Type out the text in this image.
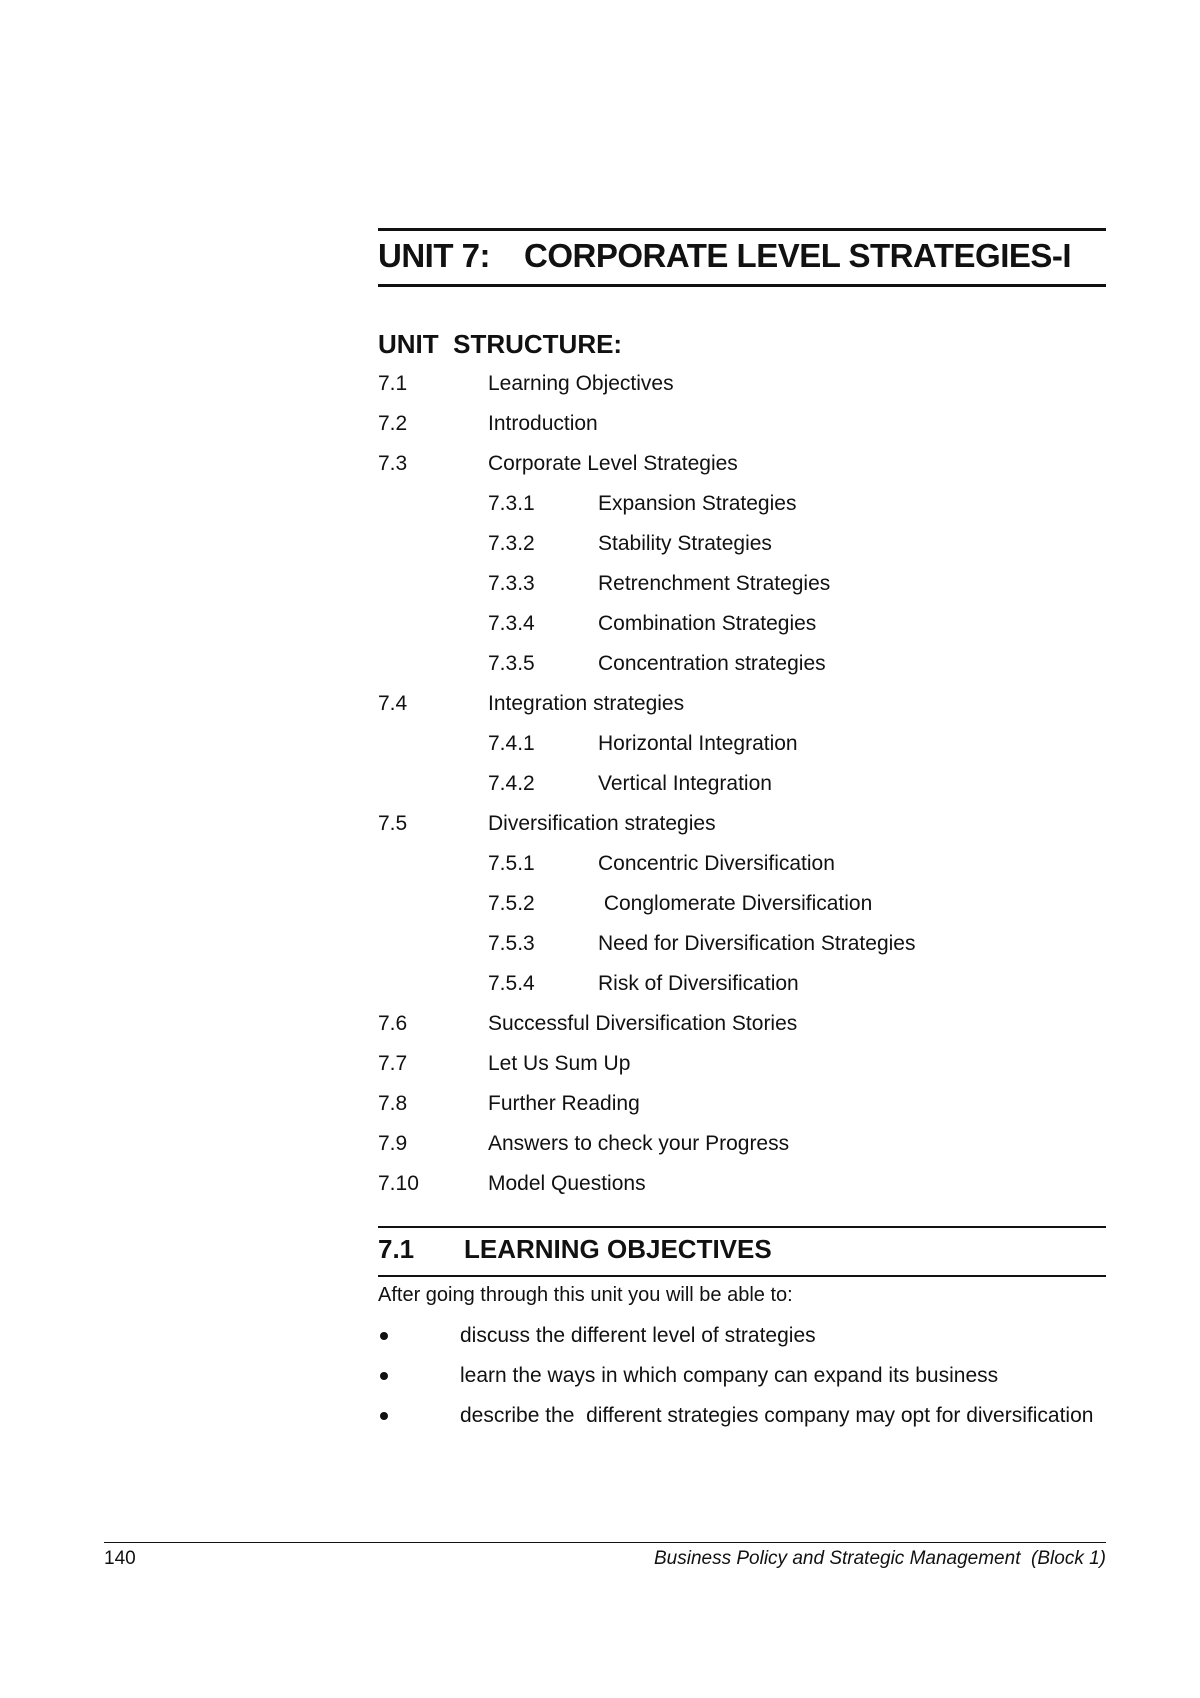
UNIT 7: CORPORATE LEVEL STRATEGIES-I
UNIT  STRUCTURE:
7.1	Learning Objectives
7.2	Introduction
7.3	Corporate Level Strategies
7.3.1	Expansion Strategies
7.3.2	Stability Strategies
7.3.3	Retrenchment Strategies
7.3.4	Combination Strategies
7.3.5	Concentration strategies
7.4	Integration strategies
7.4.1	Horizontal Integration
7.4.2	Vertical Integration
7.5	Diversification strategies
7.5.1	Concentric Diversification
7.5.2	Conglomerate Diversification
7.5.3	Need for Diversification Strategies
7.5.4	Risk of Diversification
7.6	Successful Diversification Stories
7.7	Let Us Sum Up
7.8	Further Reading
7.9	Answers to check your Progress
7.10	Model Questions
7.1 LEARNING OBJECTIVES
After going through this unit you will be able to:
discuss the different level of strategies
learn the ways in which company can expand its business
describe the  different strategies company may opt for diversification
140	Business Policy and Strategic Management  (Block 1)
